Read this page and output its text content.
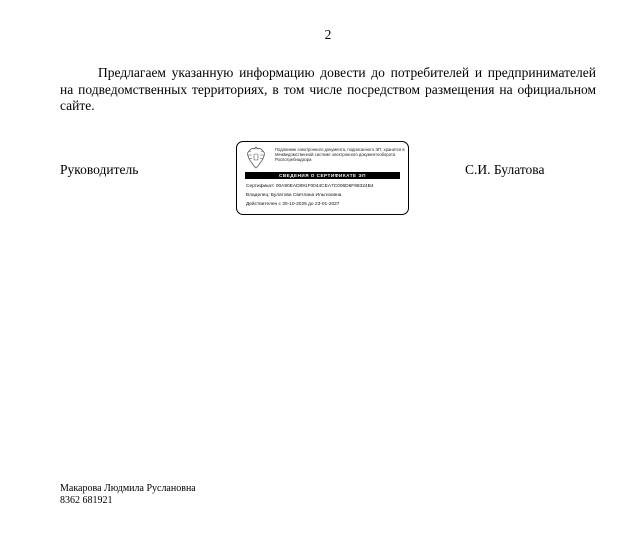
2

Предлагаем указанную информацию довести до потребителей и предпринимателей на подведомственных территориях, в том числе посредством размещения на официальном сайте.

Руководитель
Подлинник электронного документа, подписанного ЭП, хранится в Межведомственной системе электронного документооборота Роспотребнадзора
СВЕДЕНИЯ О СЕРТИФИКАТЕ ЭП
Сертификат: 00A90EAD891F0044CEA7C006D6F98324B4
Владелец: Булатова Светлана Ильгизовна
Действителен с 30-10-2025 до 23-01-2027
С.И. Булатова
Макарова Людмила Руслановна
8362 681921
